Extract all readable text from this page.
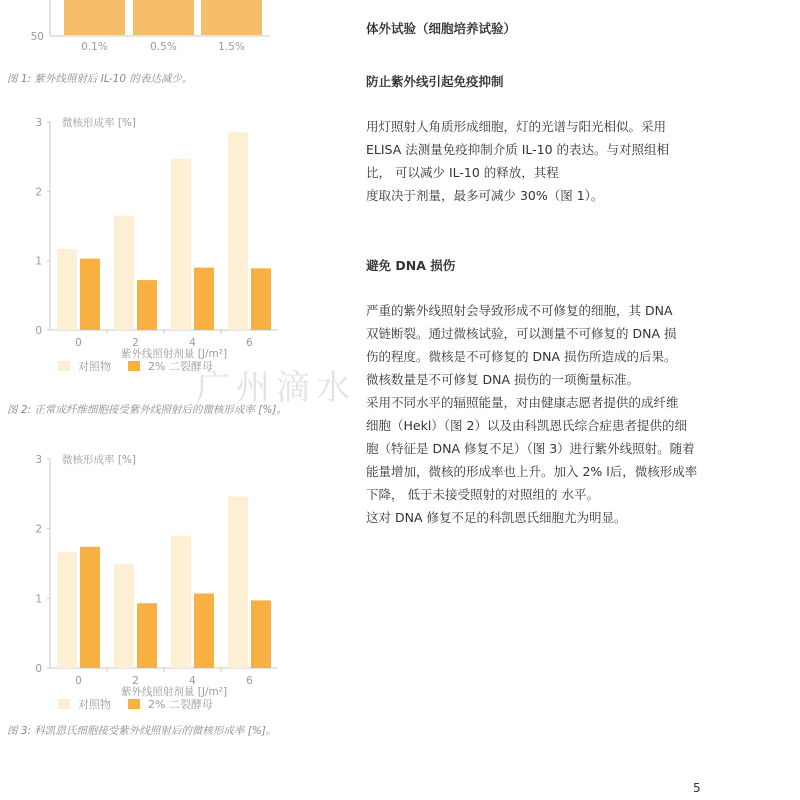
50
0.1%	0.5%	1.5%
0
1
2
3 微核形成率 [%]
0	2	4	6
紫外线照射剂量 [J/m²]
对照物	2% 二裂酵母
0
1
2
3 微核形成率 [%]
0	2	4	6
紫外线照射剂量 [J/m²]
对照物	2% 二裂酵母
图 1: 紫外线照射后 IL-10 的表达减少。
图 2: 正常成纤维细胞接受紫外线照射后的微核形成率 [%]。
图 3: 科凯恩氏细胞接受紫外线照射后的微核形成率 [%]。
体外试验（细胞培养试验）
防止紫外线引起免疫抑制

用灯照射人角质形成细胞，灯的光谱与阳光相似。采用

ELISA 法测量免疫抑制介质 IL-10 的表达。与对照组相

比， 可以减少 IL-10 的释放，其程

度取决于剂量，最多可减少 30%（图 1）。

避免 DNA 损伤

严重的紫外线照射会导致形成不可修复的细胞，其 DNA

双链断裂。通过微核试验，可以测量不可修复的 DNA 损

伤的程度。微核是不可修复的 DNA 损伤所造成的后果。

微核数量是不可修复 DNA 损伤的一项衡量标准。

采用不同水平的辐照能量，对由健康志愿者提供的成纤维

细胞（Hekl）（图 2）以及由科凯恩氏综合症患者提供的细

胞（特征是 DNA 修复不足）（图 3）进行紫外线照射。随着

能量增加，微核的形成率也上升。加入 2% l后，微核形成率

下降， 低于未接受照射的对照组的 水平。

这对 DNA 修复不足的科凯恩氏细胞尤为明显。

广州滴水
5
